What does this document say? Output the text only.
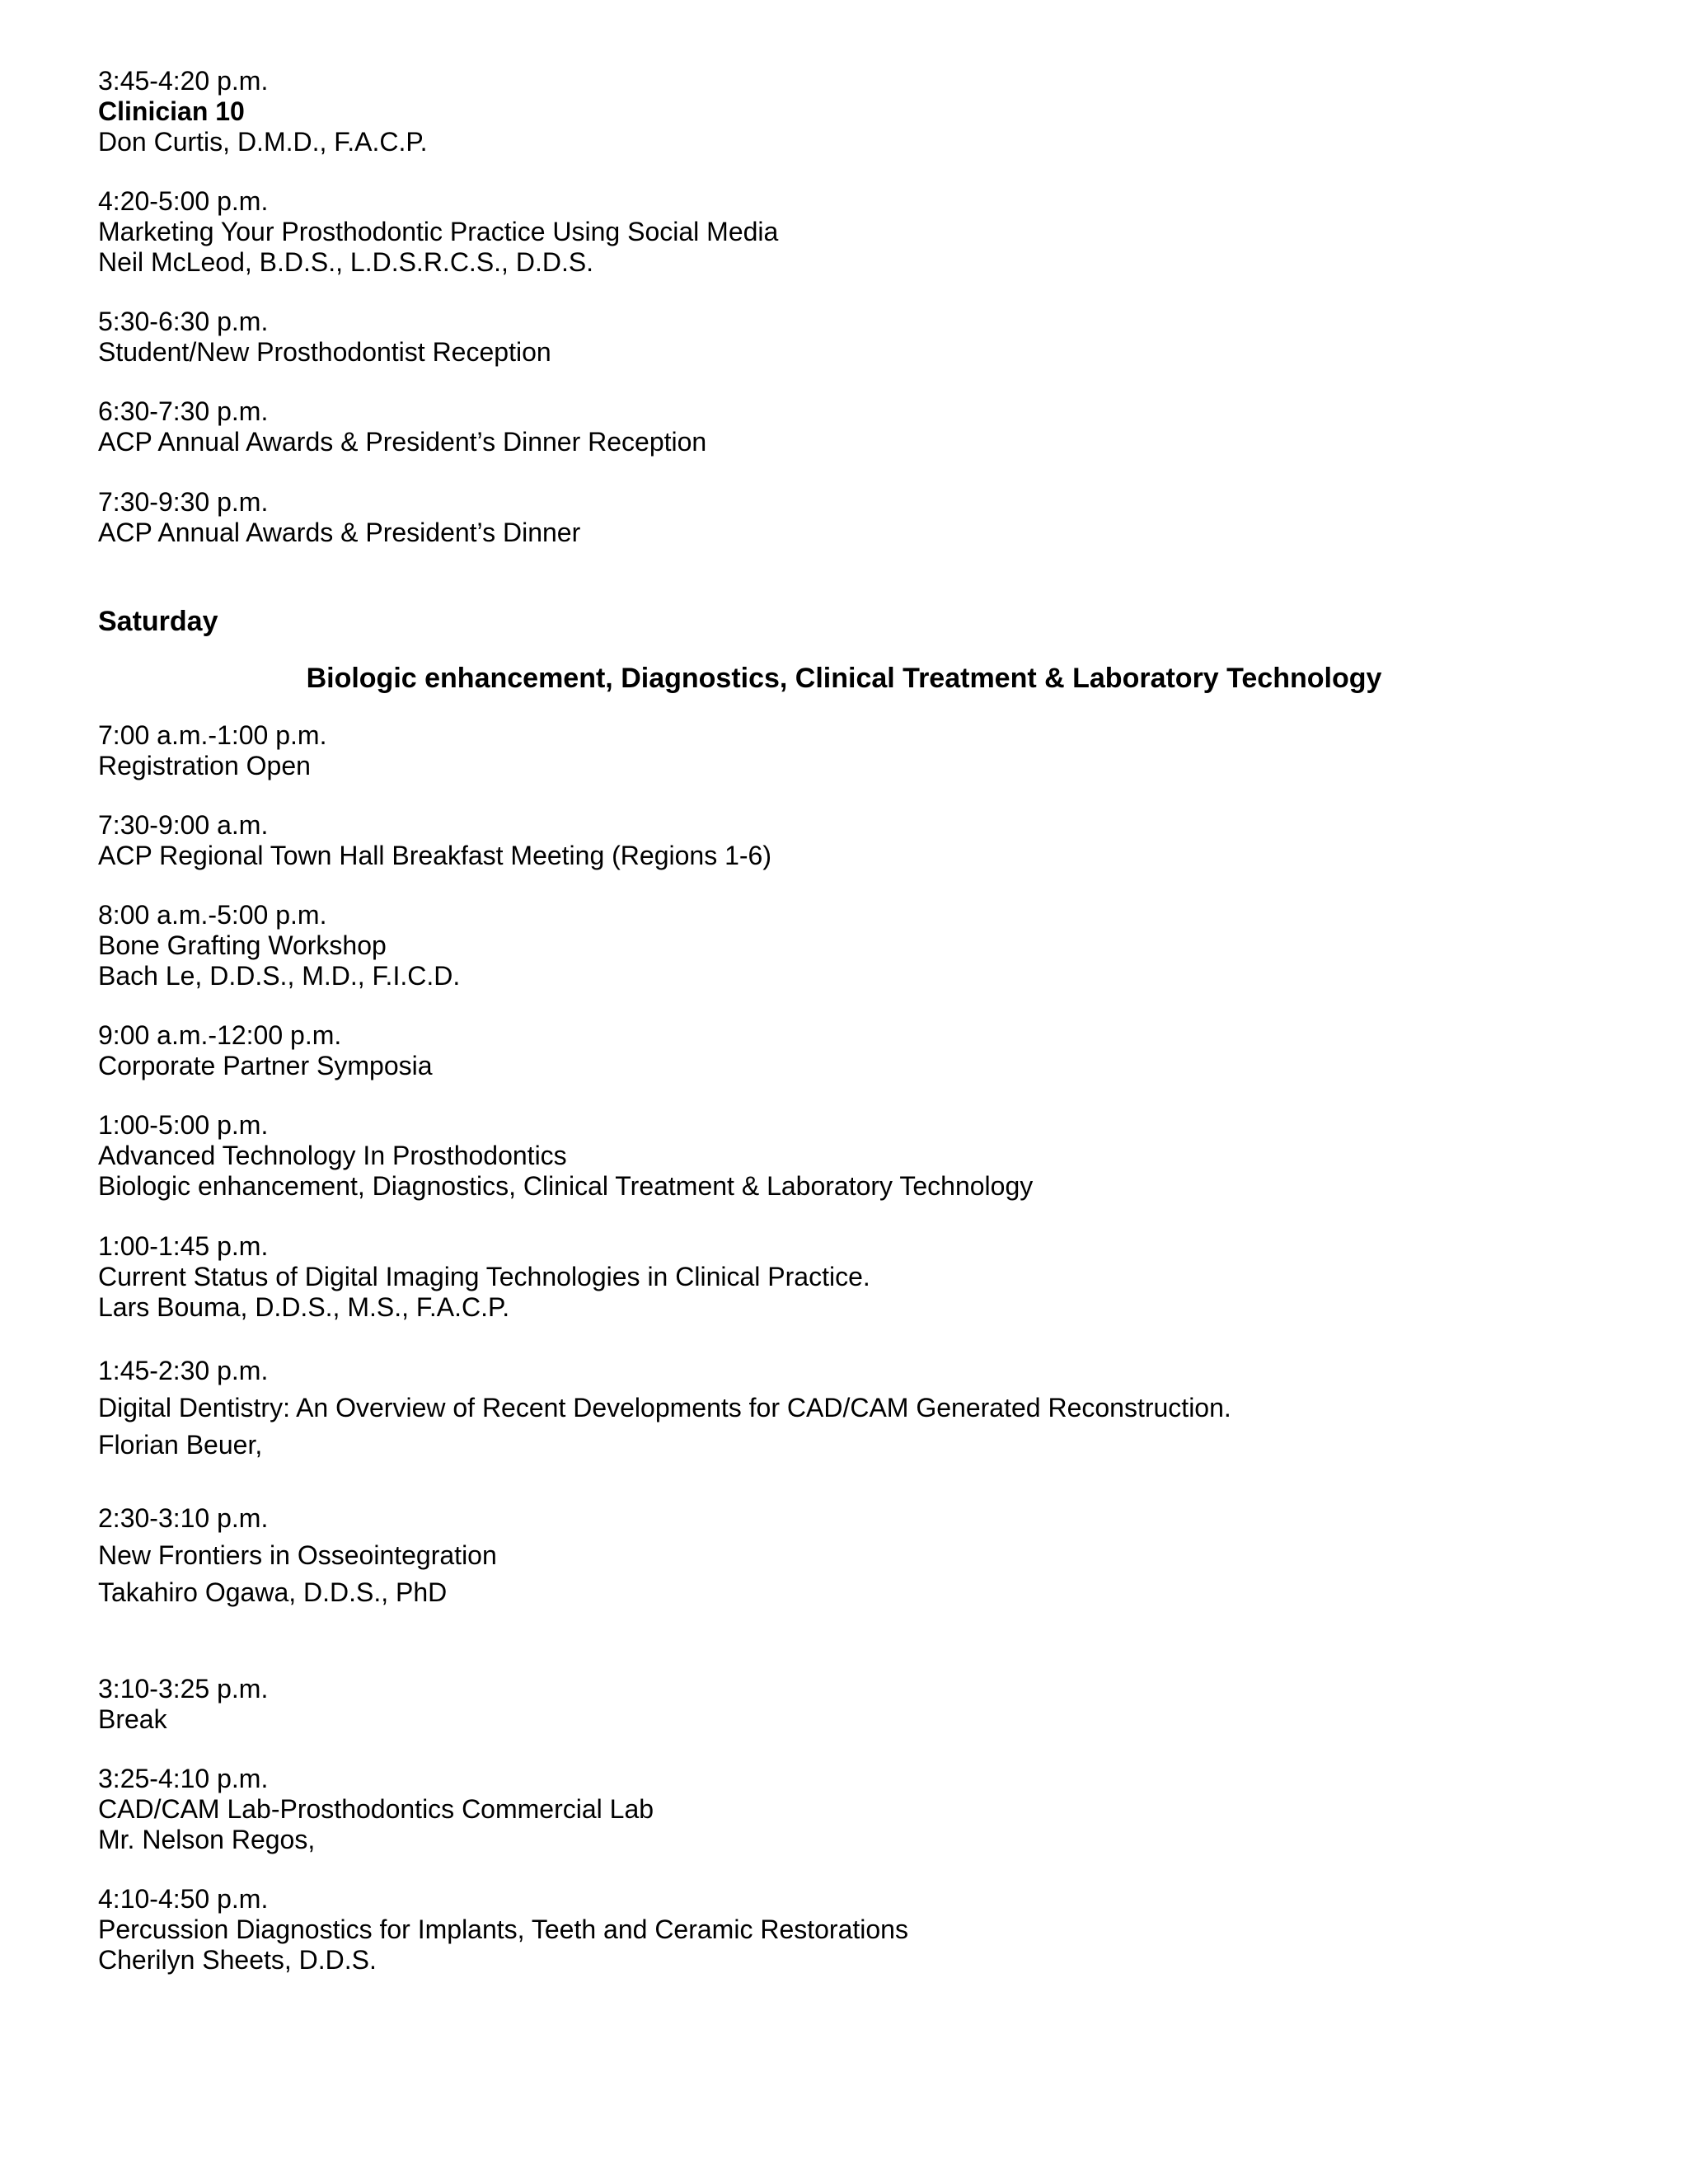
3:45-4:20 p.m.
Clinician 10
Don Curtis, D.M.D., F.A.C.P.
4:20-5:00 p.m.
Marketing Your Prosthodontic Practice Using Social Media
Neil McLeod, B.D.S., L.D.S.R.C.S., D.D.S.
5:30-6:30 p.m.
Student/New Prosthodontist Reception
6:30-7:30 p.m.
ACP Annual Awards & President’s Dinner Reception
7:30-9:30 p.m.
ACP Annual Awards & President’s Dinner
Saturday
Biologic enhancement, Diagnostics, Clinical Treatment & Laboratory Technology
7:00 a.m.-1:00 p.m.
Registration Open
7:30-9:00 a.m.
ACP Regional Town Hall Breakfast Meeting (Regions 1-6)
8:00 a.m.-5:00 p.m.
Bone Grafting Workshop
Bach Le, D.D.S., M.D., F.I.C.D.
9:00 a.m.-12:00 p.m.
Corporate Partner Symposia
1:00-5:00 p.m.
Advanced Technology In Prosthodontics
Biologic enhancement, Diagnostics, Clinical Treatment & Laboratory Technology
1:00-1:45 p.m.
Current Status of Digital Imaging Technologies in Clinical Practice.
Lars Bouma, D.D.S., M.S., F.A.C.P.
1:45-2:30 p.m.
Digital Dentistry: An Overview of Recent Developments for CAD/CAM Generated Reconstruction.
Florian Beuer,
2:30-3:10 p.m.
New Frontiers in Osseointegration
Takahiro Ogawa, D.D.S., PhD
3:10-3:25 p.m.
Break
3:25-4:10 p.m.
CAD/CAM Lab-Prosthodontics Commercial Lab
Mr. Nelson Regos,
4:10-4:50 p.m.
Percussion Diagnostics for Implants, Teeth and Ceramic Restorations
Cherilyn Sheets, D.D.S.
